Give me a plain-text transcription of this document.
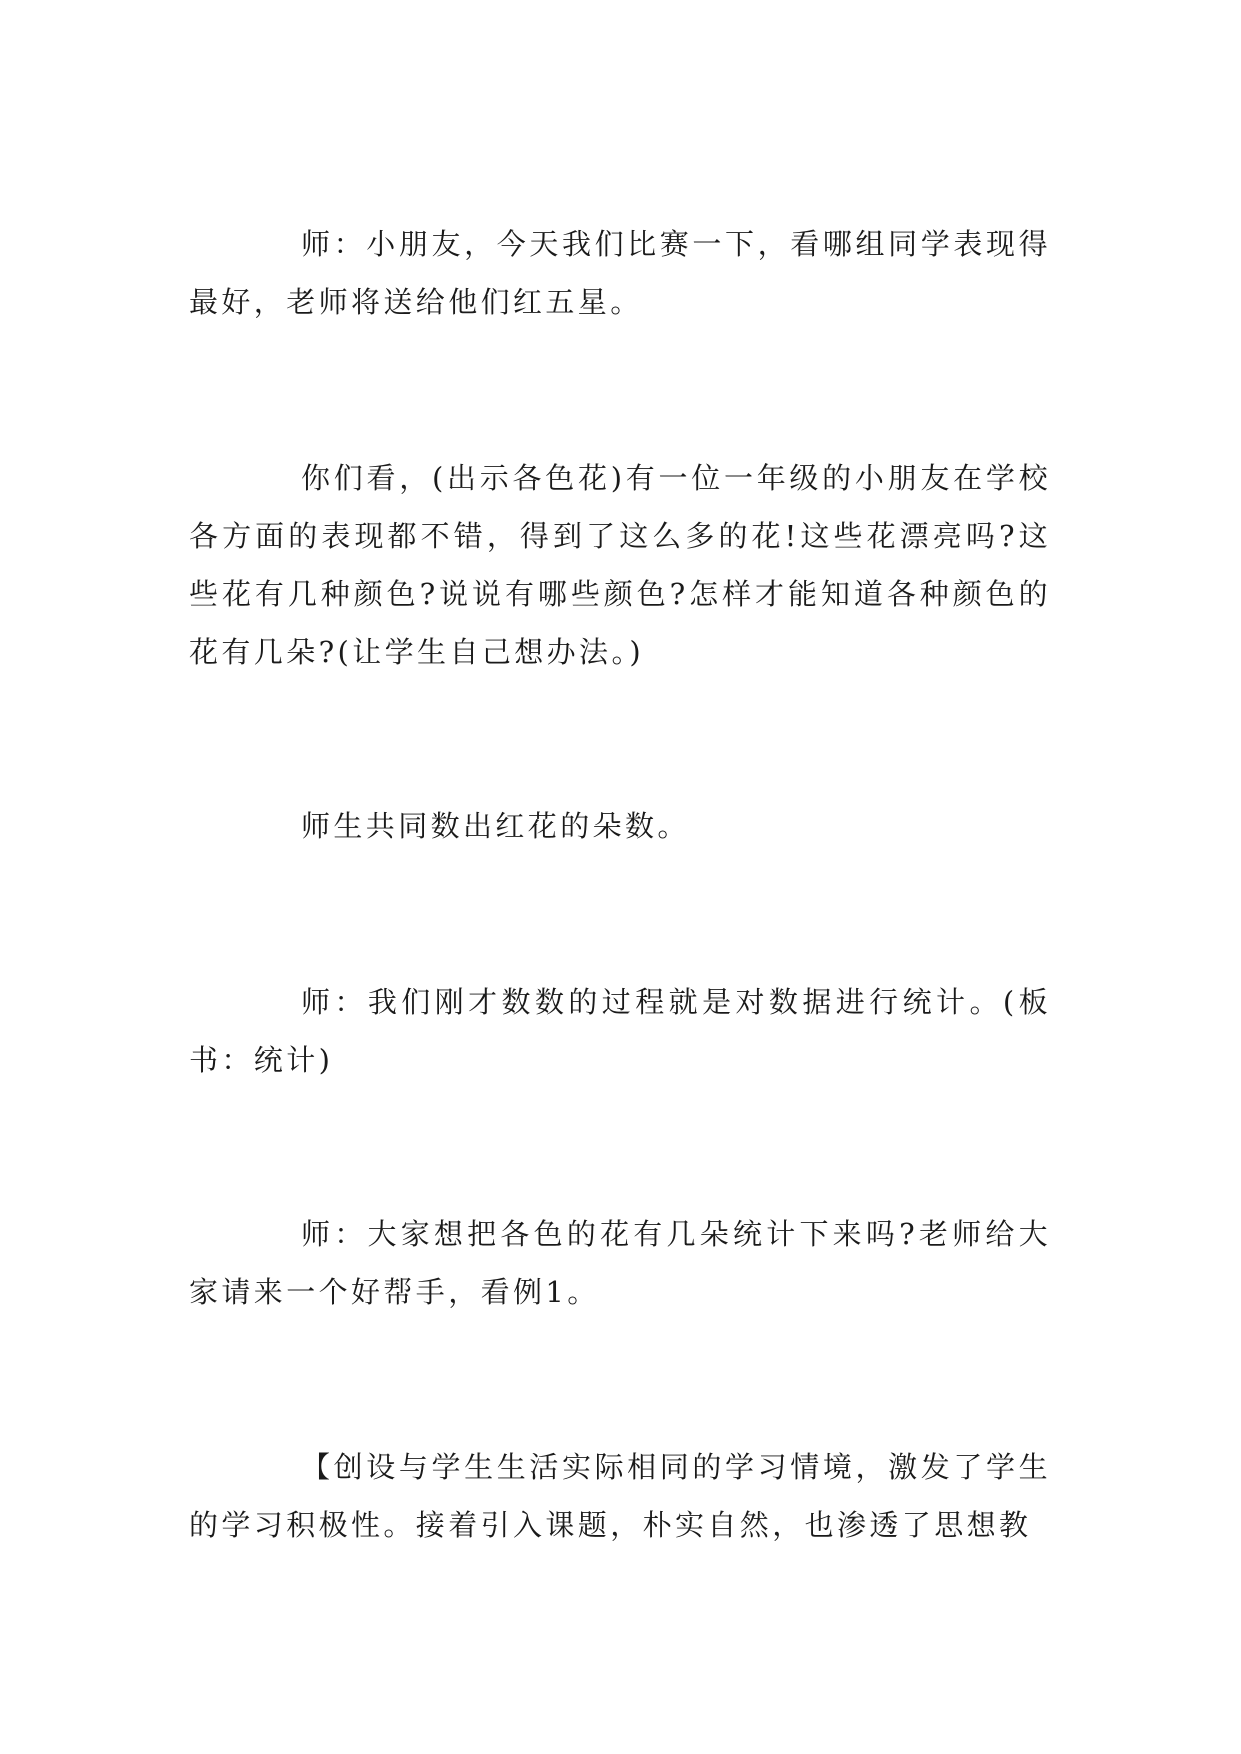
师：小朋友，今天我们比赛一下，看哪组同学表现得最好，老师将送给他们红五星。

你们看，(出示各色花)有一位一年级的小朋友在学校各方面的表现都不错，得到了这么多的花!这些花漂亮吗?这些花有几种颜色?说说有哪些颜色?怎样才能知道各种颜色的花有几朵?(让学生自己想办法。)

师生共同数出红花的朵数。

师：我们刚才数数的过程就是对数据进行统计。(板书：统计)

师：大家想把各色的花有几朵统计下来吗?老师给大家请来一个好帮手，看例1。

【创设与学生生活实际相同的学习情境，激发了学生的学习积极性。接着引入课题，朴实自然，也渗透了思想教
